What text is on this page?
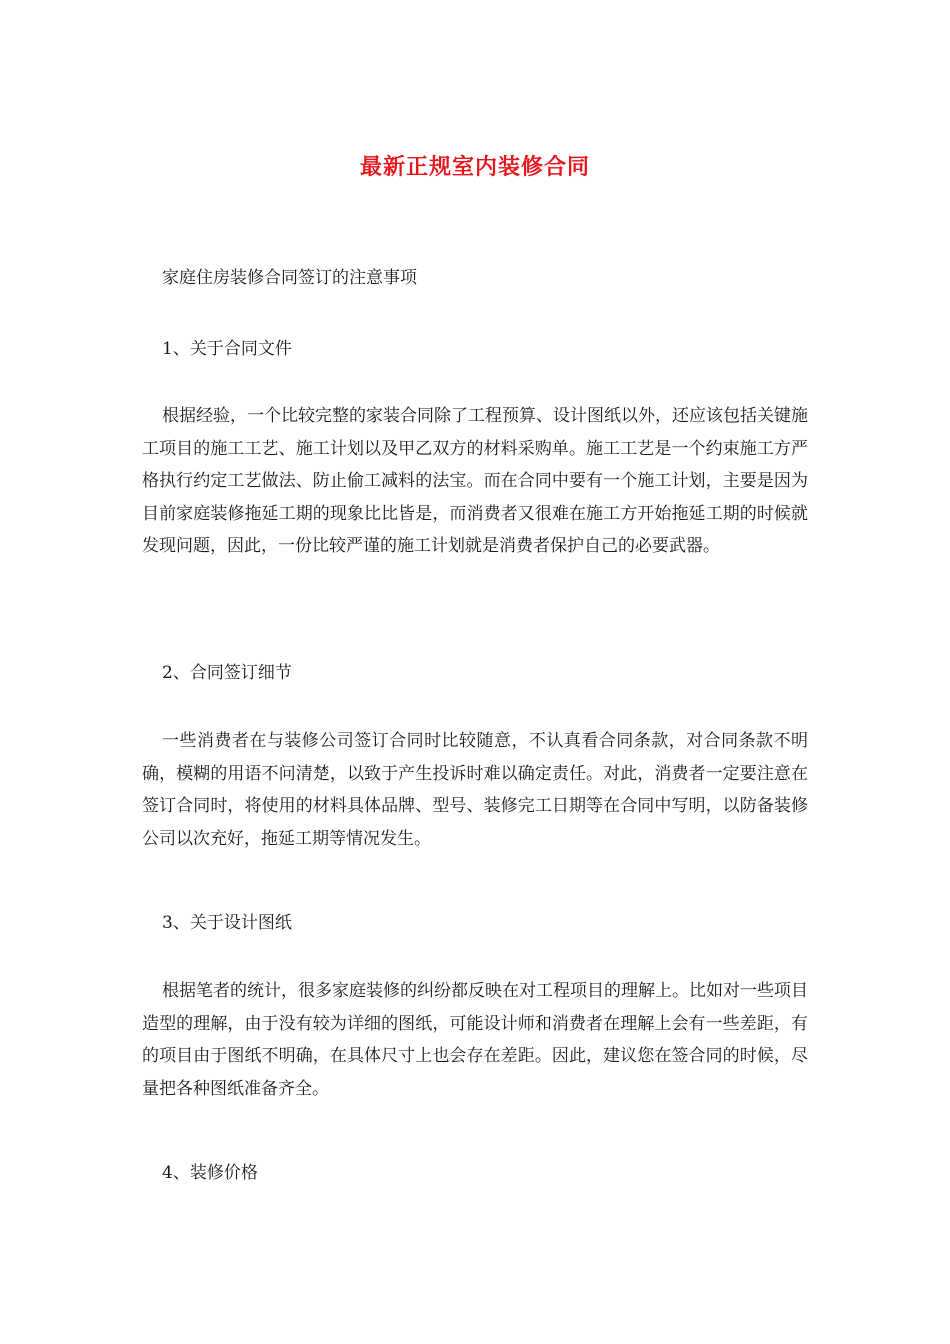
最新正规室内装修合同
家庭住房装修合同签订的注意事项
1、关于合同文件
根据经验，一个比较完整的家装合同除了工程预算、设计图纸以外，还应该包括关键施工项目的施工工艺、施工计划以及甲乙双方的材料采购单。施工工艺是一个约束施工方严格执行约定工艺做法、防止偷工减料的法宝。而在合同中要有一个施工计划，主要是因为目前家庭装修拖延工期的现象比比皆是，而消费者又很难在施工方开始拖延工期的时候就发现问题，因此，一份比较严谨的施工计划就是消费者保护自己的必要武器。
2、合同签订细节
一些消费者在与装修公司签订合同时比较随意，不认真看合同条款，对合同条款不明确，模糊的用语不问清楚，以致于产生投诉时难以确定责任。对此，消费者一定要注意在签订合同时，将使用的材料具体品牌、型号、装修完工日期等在合同中写明，以防备装修公司以次充好，拖延工期等情况发生。
3、关于设计图纸
根据笔者的统计，很多家庭装修的纠纷都反映在对工程项目的理解上。比如对一些项目造型的理解，由于没有较为详细的图纸，可能设计师和消费者在理解上会有一些差距，有的项目由于图纸不明确，在具体尺寸上也会存在差距。因此，建议您在签合同的时候，尽量把各种图纸准备齐全。
4、装修价格
